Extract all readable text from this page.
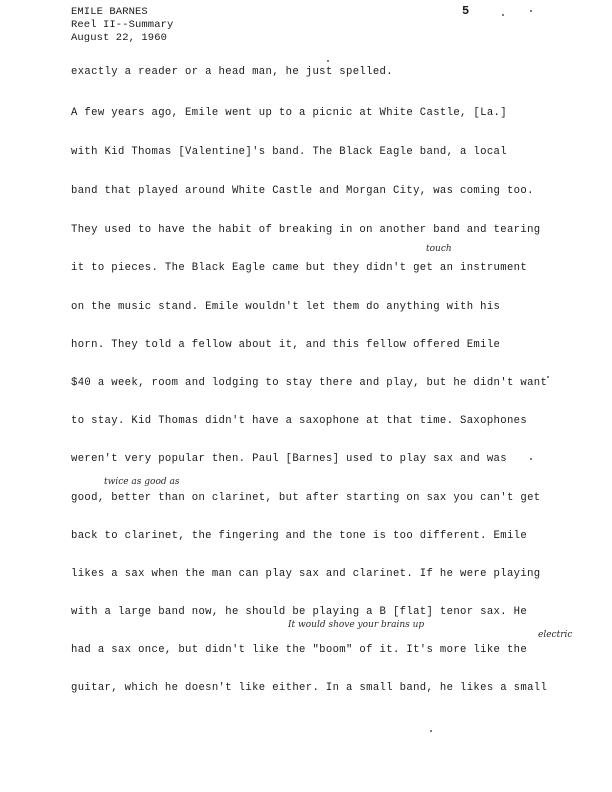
EMILE BARNES
Reel II--Summary
August 22, 1960
5
exactly a reader or a head man, he just spelled.
A few years ago, Emile went up to a picnic at White Castle, [La.]
with Kid Thomas [Valentine]'s band. The Black Eagle band, a local
band that played around White Castle and Morgan City, was coming too.
They used to have the habit of breaking in on another band and tearing
it to pieces. The Black Eagle came but they didn't get an instrument
on the music stand. Emile wouldn't let them do anything with his
horn. They told a fellow about it, and this fellow offered Emile
$40 a week, room and lodging to stay there and play, but he didn't want
to stay. Kid Thomas didn't have a saxophone at that time. Saxophones
weren't very popular then. Paul [Barnes] used to play sax and was
good, better than on clarinet, but after starting on sax you can't get
back to clarinet, the fingering and the tone is too different. Emile
likes a sax when the man can play sax and clarinet. If he were playing
with a large band now, he should be playing a B [flat] tenor sax. He
had a sax once, but didn't like the "boom" of it. It's more like the
guitar, which he doesn't like either. In a small band, he likes a small
touch
twice as good as
It would shove your brains up
electric
